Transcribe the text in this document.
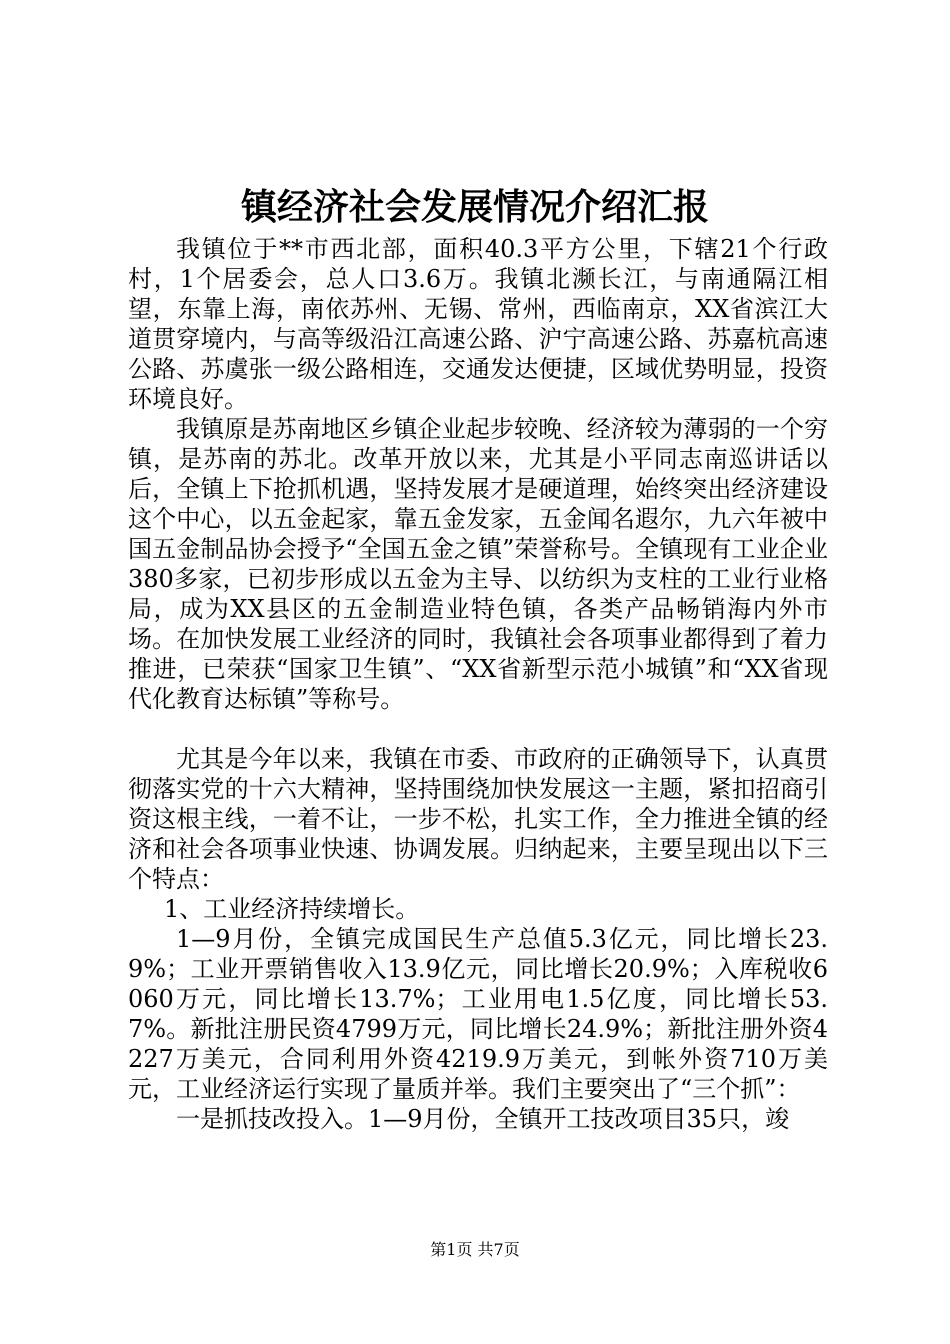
镇经济社会发展情况介绍汇报

我镇位于**市西北部，面积40.3平方公里，下辖21个行政村，1个居委会，总人口3.6万。我镇北濒长江，与南通隔江相望，东靠上海，南依苏州、无锡、常州，西临南京，XX省滨江大道贯穿境内，与高等级沿江高速公路、沪宁高速公路、苏嘉杭高速公路、苏虞张一级公路相连，交通发达便捷，区域优势明显，投资环境良好。

我镇原是苏南地区乡镇企业起步较晚、经济较为薄弱的一个穷镇，是苏南的苏北。改革开放以来，尤其是小平同志南巡讲话以后，全镇上下抢抓机遇，坚持发展才是硬道理，始终突出经济建设这个中心，以五金起家，靠五金发家，五金闻名遐尔，九六年被中国五金制品协会授予“全国五金之镇”荣誉称号。全镇现有工业企业380多家，已初步形成以五金为主导、以纺织为支柱的工业行业格局，成为XX县区的五金制造业特色镇，各类产品畅销海内外市场。在加快发展工业经济的同时，我镇社会各项事业都得到了着力推进，已荣获“国家卫生镇”、“XX省新型示范小城镇”和“XX省现代化教育达标镇”等称号。

尤其是今年以来，我镇在市委、市政府的正确领导下，认真贯彻落实党的十六大精神，坚持围绕加快发展这一主题，紧扣招商引资这根主线，一着不让，一步不松，扎实工作，全力推进全镇的经济和社会各项事业快速、协调发展。归纳起来，主要呈现出以下三个特点：

1、工业经济持续增长。

1—9月份，全镇完成国民生产总值5.3亿元，同比增长23.9%；工业开票销售收入13.9亿元，同比增长20.9%；入库税收6060万元，同比增长13.7%；工业用电1.5亿度，同比增长53.7%。新批注册民资4799万元，同比增长24.9%；新批注册外资4227万美元，合同利用外资4219.9万美元，到帐外资710万美元，工业经济运行实现了量质并举。我们主要突出了“三个抓”：

一是抓技改投入。1—9月份，全镇开工技改项目35只，竣

第1页 共7页
